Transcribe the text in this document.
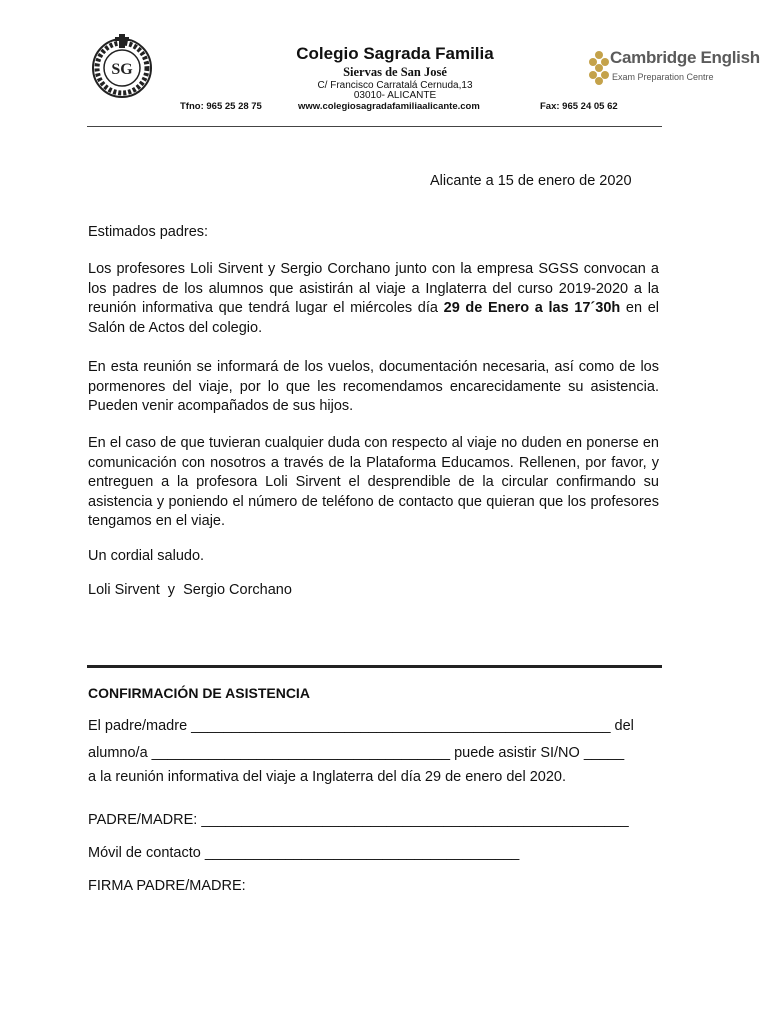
SG
Colegio Sagrada Familia
Siervas de San José
C/ Francisco Carratalá Cernuda,13
03010- ALICANTE
Tfno: 965 25 28 75	www.colegiosagradafamiliaalicante.com	Fax: 965 24 05 62
Cambridge English
Exam Preparation Centre
Alicante a 15 de enero de 2020
Estimados padres:
Los profesores Loli Sirvent y Sergio Corchano junto con la empresa SGSS convocan a los padres de los alumnos que asistirán al viaje a Inglaterra del curso 2019-2020 a la reunión informativa que tendrá lugar el miércoles día 29 de Enero a las 17´30h en el Salón de Actos del colegio.
En esta reunión se informará de los vuelos, documentación necesaria, así como de los pormenores del viaje, por lo que les recomendamos encarecidamente su asistencia. Pueden venir acompañados de sus hijos.
En el caso de que tuvieran cualquier duda con respecto al viaje no duden en ponerse en comunicación con nosotros a través de la Plataforma Educamos. Rellenen, por favor, y entreguen a la profesora Loli Sirvent el desprendible de la circular confirmando su asistencia y poniendo el número de teléfono de contacto que quieran que los profesores tengamos en el viaje.
Un cordial saludo.
Loli Sirvent  y  Sergio Corchano
CONFIRMACIÓN DE ASISTENCIA
El padre/madre ____________________________________________________ del
alumno/a _____________________________________ puede asistir SI/NO _____
a la reunión informativa del viaje a Inglaterra del día 29 de enero del 2020.
PADRE/MADRE: _____________________________________________________
Móvil de contacto _______________________________________
FIRMA PADRE/MADRE:
